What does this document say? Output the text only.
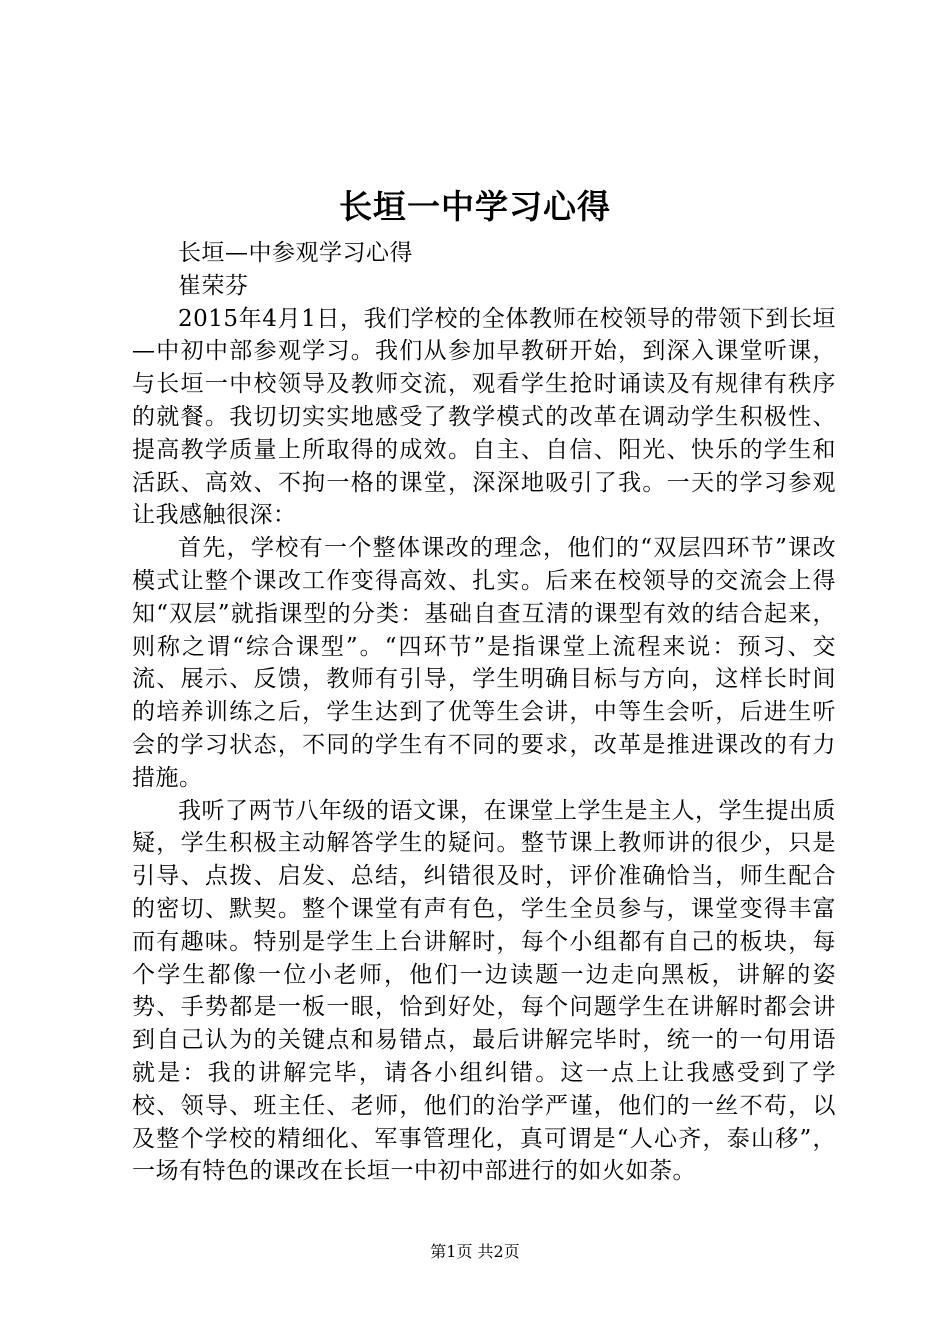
长垣一中学习心得

长垣—中参观学习心得

崔荣芬

2015年4月1日，我们学校的全体教师在校领导的带领下到长垣—中初中部参观学习。我们从参加早教研开始，到深入课堂听课，与长垣一中校领导及教师交流，观看学生抢时诵读及有规律有秩序的就餐。我切切实实地感受了教学模式的改革在调动学生积极性、提高教学质量上所取得的成效。自主、自信、阳光、快乐的学生和活跃、高效、不拘一格的课堂，深深地吸引了我。一天的学习参观让我感触很深：

首先，学校有一个整体课改的理念，他们的“双层四环节”课改模式让整个课改工作变得高效、扎实。后来在校领导的交流会上得知“双层”就指课型的分类：基础自查互清的课型有效的结合起来，则称之谓“综合课型”。“四环节”是指课堂上流程来说：预习、交流、展示、反馈，教师有引导，学生明确目标与方向，这样长时间的培养训练之后，学生达到了优等生会讲，中等生会听，后进生听会的学习状态，不同的学生有不同的要求，改革是推进课改的有力措施。

我听了两节八年级的语文课，在课堂上学生是主人，学生提出质疑，学生积极主动解答学生的疑问。整节课上教师讲的很少，只是引导、点拨、启发、总结，纠错很及时，评价准确恰当，师生配合的密切、默契。整个课堂有声有色，学生全员参与，课堂变得丰富而有趣味。特别是学生上台讲解时，每个小组都有自己的板块，每个学生都像一位小老师，他们一边读题一边走向黑板，讲解的姿势、手势都是一板一眼，恰到好处，每个问题学生在讲解时都会讲到自己认为的关键点和易错点，最后讲解完毕时，统一的一句用语就是：我的讲解完毕，请各小组纠错。这一点上让我感受到了学校、领导、班主任、老师，他们的治学严谨，他们的一丝不苟，以及整个学校的精细化、军事管理化，真可谓是“人心齐，泰山移”，一场有特色的课改在长垣一中初中部进行的如火如荼。

第1页 共2页
